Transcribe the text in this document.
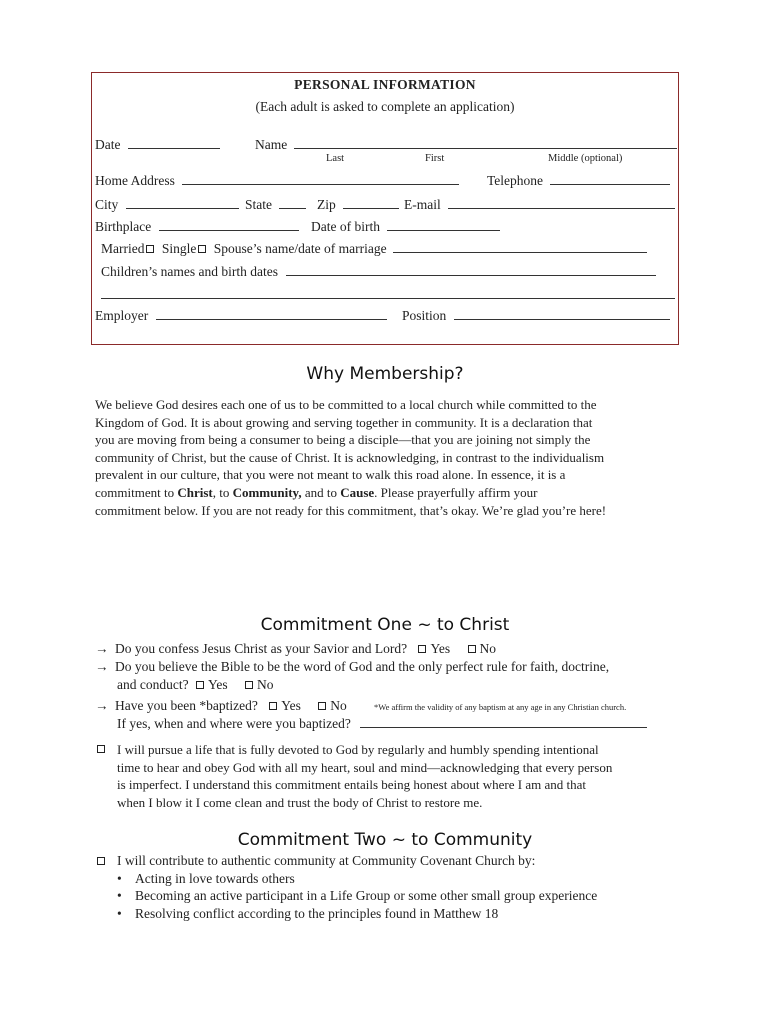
PERSONAL INFORMATION
(Each adult is asked to complete an application)
Date	Name
Last	First	Middle (optional)
Home Address	Telephone
City	State	Zip	E-mail
Birthplace	Date of birth
Married Single Spouse’s name/date of marriage
Children’s names and birth dates
Employer	Position
Why Membership?
We believe God desires each one of us to be committed to a local church while committed to the
Kingdom of God. It is about growing and serving together in community. It is a declaration that
you are moving from being a consumer to being a disciple—that you are joining not simply the
community of Christ, but the cause of Christ. It is acknowledging, in contrast to the individualism
prevalent in our culture, that you were not meant to walk this road alone. In essence, it is a
commitment to Christ, to Community, and to Cause. Please prayerfully affirm your
commitment below. If you are not ready for this commitment, that’s okay. We’re glad you’re here!
Commitment One ~ to Christ
→ Do you confess Jesus Christ as your Savior and Lord? Yes No
→ Do you believe the Bible to be the word of God and the only perfect rule for faith, doctrine,
and conduct? Yes No
→ Have you been *baptized? Yes No	*We affirm the validity of any baptism at any age in any Christian church.
If yes, when and where were you baptized?
I will pursue a life that is fully devoted to God by regularly and humbly spending intentional
time to hear and obey God with all my heart, soul and mind—acknowledging that every person
is imperfect. I understand this commitment entails being honest about where I am and that
when I blow it I come clean and trust the body of Christ to restore me.
Commitment Two ~ to Community
I will contribute to authentic community at Community Covenant Church by:
• Acting in love towards others
• Becoming an active participant in a Life Group or some other small group experience
• Resolving conflict according to the principles found in Matthew 18
